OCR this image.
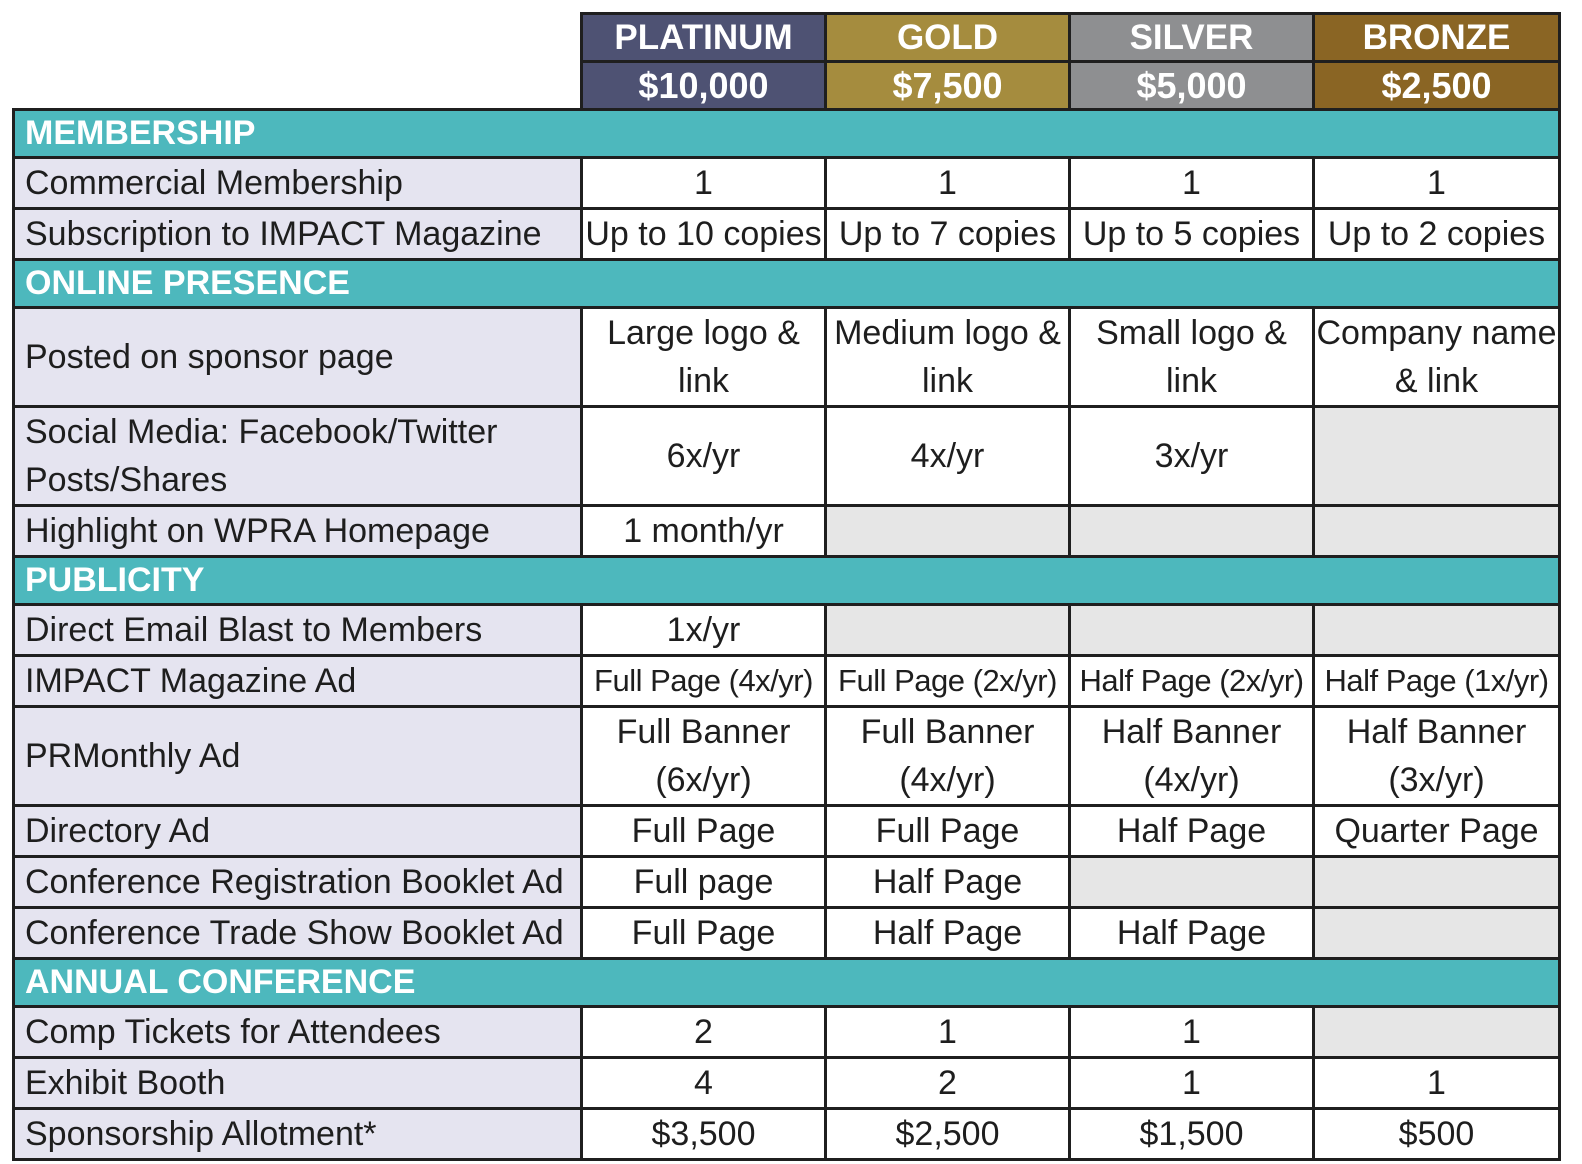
	PLATINUM	GOLD	SILVER	BRONZE
	$10,000	$7,500	$5,000	$2,500
MEMBERSHIP				
Commercial Membership	1	1	1	1
Subscription to IMPACT Magazine	Up to 10 copies	Up to 7 copies	Up to 5 copies	Up to 2 copies
ONLINE PRESENCE				
Posted on sponsor page	Large logo & link	Medium logo & link	Small logo & link	Company name & link
Social Media: Facebook/Twitter Posts/Shares	6x/yr	4x/yr	3x/yr	
Highlight on WPRA Homepage	1 month/yr			
PUBLICITY				
Direct Email Blast to Members	1x/yr			
IMPACT Magazine Ad	Full Page (4x/yr)	Full Page (2x/yr)	Half Page (2x/yr)	Half Page (1x/yr)
PRMonthly Ad	Full Banner (6x/yr)	Full Banner (4x/yr)	Half Banner (4x/yr)	Half Banner (3x/yr)
Directory Ad	Full Page	Full Page	Half Page	Quarter Page
Conference Registration Booklet Ad	Full page	Half Page		
Conference Trade Show Booklet Ad	Full Page	Half Page	Half Page	
ANNUAL CONFERENCE				
Comp Tickets for Attendees	2	1	1	
Exhibit Booth	4	2	1	1
Sponsorship Allotment*	$3,500	$2,500	$1,500	$500
